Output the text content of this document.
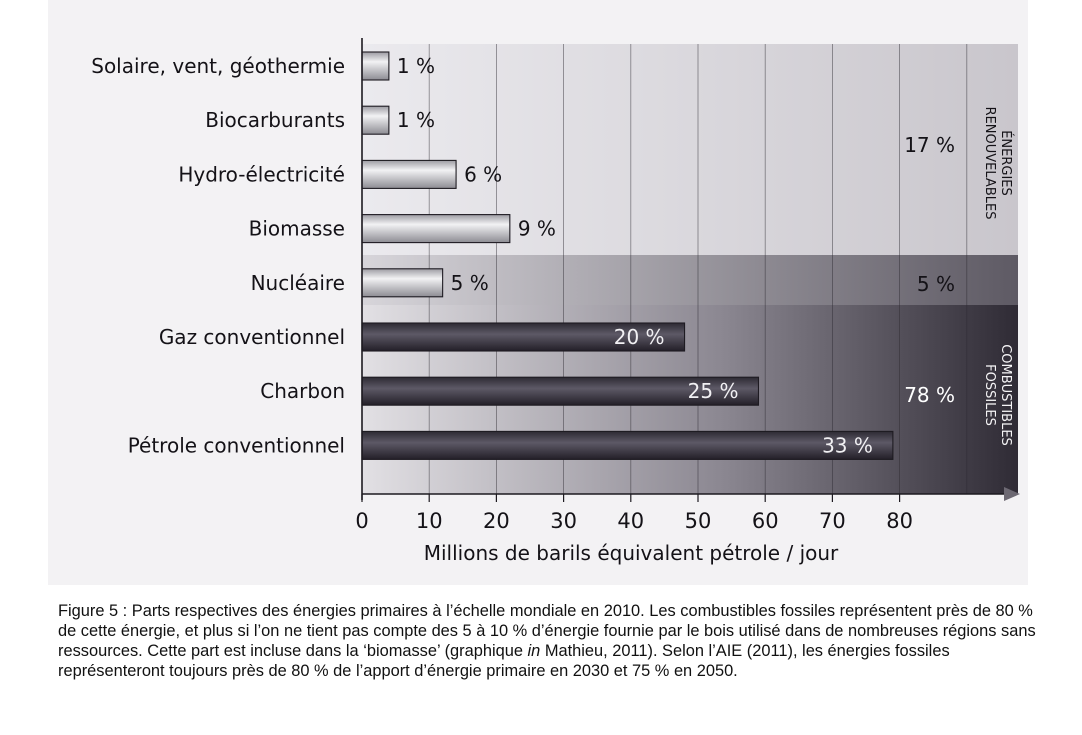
0 10 20 30 40 50 60 70 80
Millions de barils équivalent pétrole / jour
Solaire, vent, géothermie	1 %
Biocarburants	1 %
Hydro-électricité	6 %
Biomasse	9 %
Nucléaire	5 %
Gaz conventionnel	20 %
Charbon	25 %
Pétrole conventionnel	33 %
17 %
5 %
78 %
ÉNERGIES
RENOUVELABLES
COMBUSTIBLES
FOSSILES

Figure 5 : Parts respectives des énergies primaires à l’échelle mondiale en 2010. Les combustibles fossiles représentent près de 80 % de cette énergie, et plus si l’on ne tient pas compte des 5 à 10 % d’énergie fournie par le bois utilisé dans de nombreuses régions sans ressources. Cette part est incluse dans la ‘biomasse’ (graphique in Mathieu, 2011). Selon l’AIE (2011), les énergies fossiles représenteront toujours près de 80 % de l’apport d’énergie primaire en 2030 et 75 % en 2050.
